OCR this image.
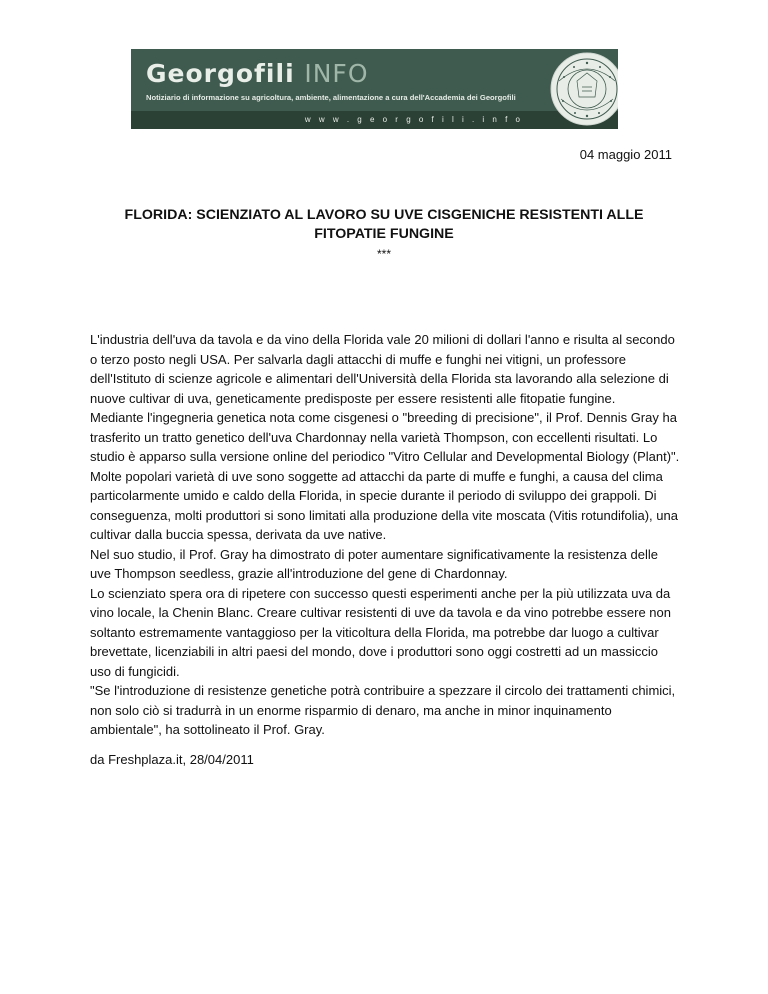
Georgofili INFO
Notiziario di informazione su agricoltura, ambiente, alimentazione a cura dell'Accademia dei Georgofili
w w w . g e o r g o f i l i . i n f o
04 maggio 2011
FLORIDA: SCIENZIATO AL LAVORO SU UVE CISGENICHE RESISTENTI ALLE FITOPATIE FUNGINE
***

L'industria dell'uva da tavola e da vino della Florida vale 20 milioni di dollari l'anno e risulta al secondo o terzo posto negli USA. Per salvarla dagli attacchi di muffe e funghi nei vitigni, un professore dell'Istituto di scienze agricole e alimentari dell'Università della Florida sta lavorando alla selezione di nuove cultivar di uva, geneticamente predisposte per essere resistenti alle fitopatie fungine.

Mediante l'ingegneria genetica nota come cisgenesi o "breeding di precisione", il Prof. Dennis Gray ha trasferito un tratto genetico dell'uva Chardonnay nella varietà Thompson, con eccellenti risultati. Lo studio è apparso sulla versione online del periodico "Vitro Cellular and Developmental Biology (Plant)". Molte popolari varietà di uve sono soggette ad attacchi da parte di muffe e funghi, a causa del clima particolarmente umido e caldo della Florida, in specie durante il periodo di sviluppo dei grappoli. Di conseguenza, molti produttori si sono limitati alla produzione della vite moscata (Vitis rotundifolia), una cultivar dalla buccia spessa, derivata da uve native.

Nel suo studio, il Prof. Gray ha dimostrato di poter aumentare significativamente la resistenza delle uve Thompson seedless, grazie all'introduzione del gene di Chardonnay.

Lo scienziato spera ora di ripetere con successo questi esperimenti anche per la più utilizzata uva da vino locale, la Chenin Blanc. Creare cultivar resistenti di uve da tavola e da vino potrebbe essere non soltanto estremamente vantaggioso per la viticoltura della Florida, ma potrebbe dar luogo a cultivar brevettate, licenziabili in altri paesi del mondo, dove i produttori sono oggi costretti ad un massiccio uso di fungicidi.

"Se l'introduzione di resistenze genetiche potrà contribuire a spezzare il circolo dei trattamenti chimici, non solo ciò si tradurrà in un enorme risparmio di denaro, ma anche in minor inquinamento ambientale", ha sottolineato il Prof. Gray.

da Freshplaza.it, 28/04/2011
